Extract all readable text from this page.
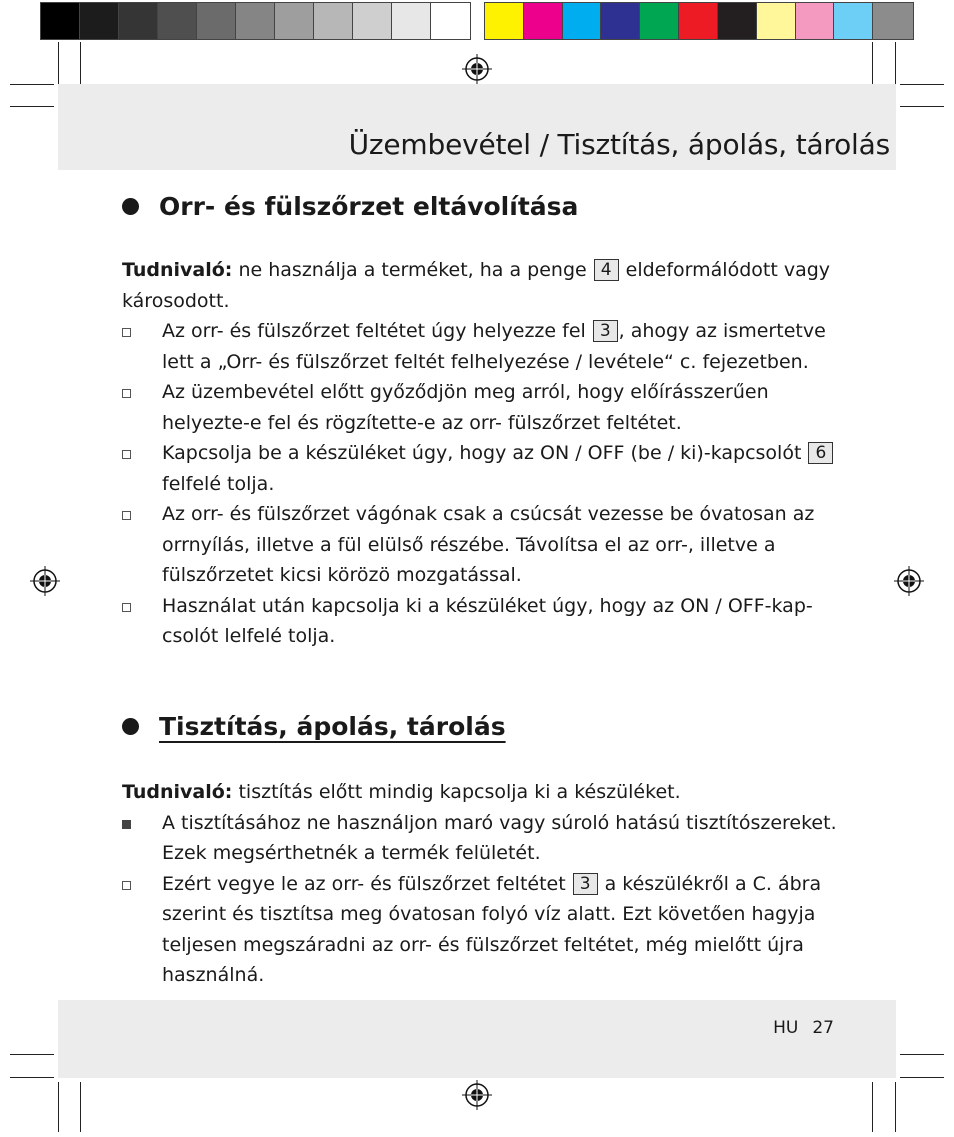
Üzembevétel / Tisztítás, ápolás, tárolás
Orr- és fülszőrzet eltávolítása
Tudnivaló: ne használja a terméket, ha a penge 4 eldeformálódott vagy károsodott.
Az orr- és fülszőrzet feltétet úgy helyezze fel 3 , ahogy az ismertetve lett a „Orr- és fülszőrzet feltét felhelyezése / levétele“ c. fejezetben.
Az üzembevétel előtt győződjön meg arról, hogy előírásszerűen helyezte-e fel és rögzítette-e az orr- fülszőrzet feltétet.
Kapcsolja be a készüléket úgy, hogy az ON / OFF (be / ki)-kapcsolót 6 felfelé tolja.
Az orr- és fülszőrzet vágónak csak a csúcsát vezesse be óvatosan az orrnyílás, illetve a fül elülső részébe. Távolítsa el az orr-, illetve a fülszőrzetet kicsi körözö mozgatással.
Használat után kapcsolja ki a készüléket úgy, hogy az ON / OFF-kap-csolót lelfelé tolja.
Tisztítás, ápolás, tárolás
Tudnivaló: tisztítás előtt mindig kapcsolja ki a készüléket.
A tisztításához ne használjon maró vagy súroló hatású tisztítószereket. Ezek megsérthetnék a termék felületét.
Ezért vegye le az orr- és fülszőrzet feltétet 3 a készülékről a C. ábra szerint és tisztítsa meg óvatosan folyó víz alatt. Ezt követően hagyja teljesen megszáradni az orr- és fülszőrzet feltétet, még mielőtt újra használná.
HU 27
